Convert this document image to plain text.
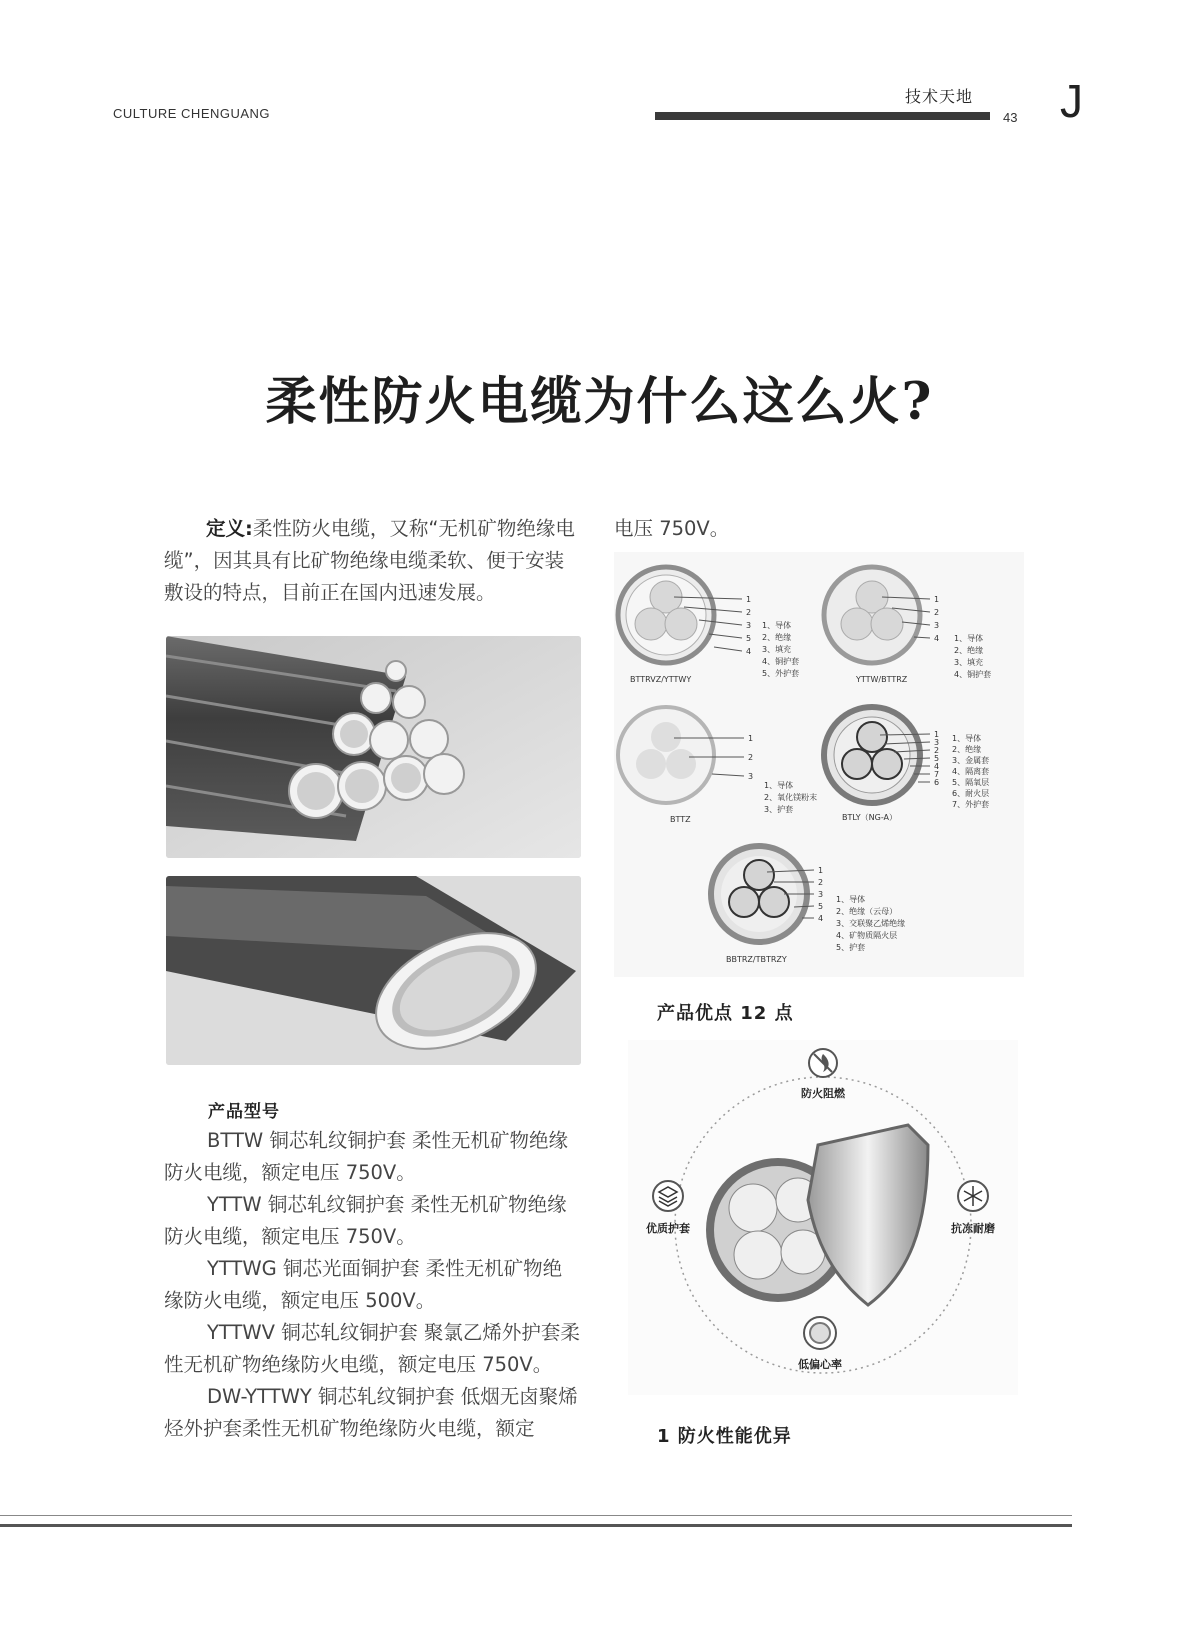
CULTURE CHENGUANG
技术天地
43 J
柔性防火电缆为什么这么火?
定义:柔性防火电缆，又称“无机矿物绝缘电缆”，因其具有比矿物绝缘电缆柔软、便于安装敷设的特点，目前正在国内迅速发展。
产品型号
BTTW 铜芯轧纹铜护套 柔性无机矿物绝缘防火电缆，额定电压 750V。
YTTW 铜芯轧纹铜护套 柔性无机矿物绝缘防火电缆，额定电压 750V。
YTTWG 铜芯光面铜护套 柔性无机矿物绝缘防火电缆，额定电压 500V。
YTTWV 铜芯轧纹铜护套 聚氯乙烯外护套柔性无机矿物绝缘防火电缆，额定电压 750V。
DW-YTTWY 铜芯轧纹铜护套 低烟无卤聚烯烃外护套柔性无机矿物绝缘防火电缆，额定
电压 750V。
1
2
3
5
4
1、导体
2、绝缘
3、填充
4、铜护套
5、外护套
BTTRVZ/YTTWY
1
2
3
4 1、导体
2、绝缘
3、填充
4、铜护套
YTTW/BTTRZ
1
2
3
1、导体
2、氧化镁粉末
3、护套
BTTZ
1
3
2
5
4
7
6
1、导体
2、绝缘
3、金属套
4、隔离套
5、隔氧层
6、耐火层
7、外护套
BTLY（NG-A）
1
2
3
5
4
1、导体
2、绝缘（云母）
3、交联聚乙烯绝缘
4、矿物质隔火层
5、护套
BBTRZ/TBTRZY
产品优点 12 点
防火阻燃
优质护套	抗冻耐磨
低偏心率
1 防火性能优异
